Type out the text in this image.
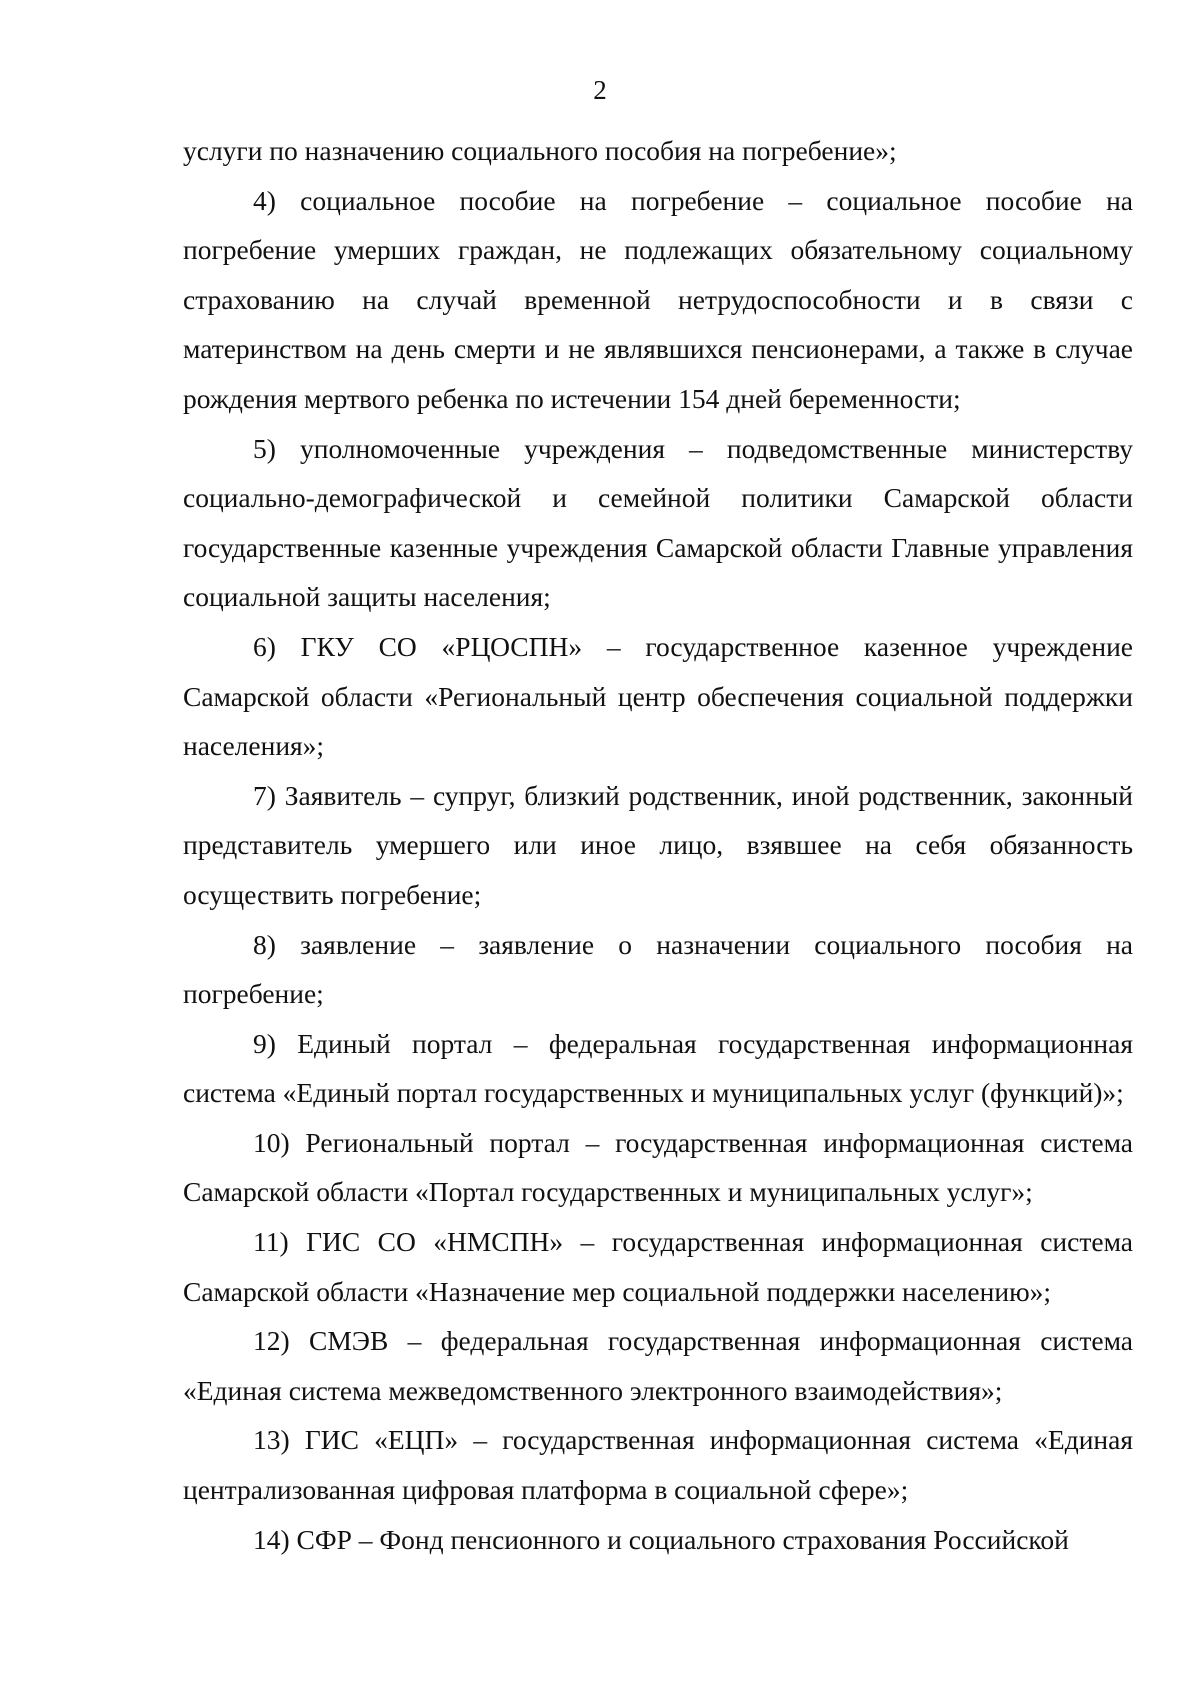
2

услуги по назначению социального пособия на погребение»;

4) социальное пособие на погребение – социальное пособие на погребение умерших граждан, не подлежащих обязательному социальному страхованию на случай временной нетрудоспособности и в связи с материнством на день смерти и не являвшихся пенсионерами, а также в случае рождения мертвого ребенка по истечении 154 дней беременности;

5) уполномоченные учреждения – подведомственные министерству социально-демографической и семейной политики Самарской области государственные казенные учреждения Самарской области Главные управления социальной защиты населения;

6) ГКУ СО «РЦОСПН» – государственное казенное учреждение Самарской области «Региональный центр обеспечения социальной поддержки населения»;

7) Заявитель – супруг, близкий родственник, иной родственник, законный представитель умершего или иное лицо, взявшее на себя обязанность осуществить погребение;

8) заявление – заявление о назначении социального пособия на погребение;

9) Единый портал – федеральная государственная информационная система «Единый портал государственных и муниципальных услуг (функций)»;

10) Региональный портал – государственная информационная система Самарской области «Портал государственных и муниципальных услуг»;

11) ГИС СО «НМСПН» – государственная информационная система Самарской области «Назначение мер социальной поддержки населению»;

12) СМЭВ – федеральная государственная информационная система «Единая система межведомственного электронного взаимодействия»;

13) ГИС «ЕЦП» – государственная информационная система «Единая централизованная цифровая платформа в социальной сфере»;

14) СФР – Фонд пенсионного и социального страхования Российской
